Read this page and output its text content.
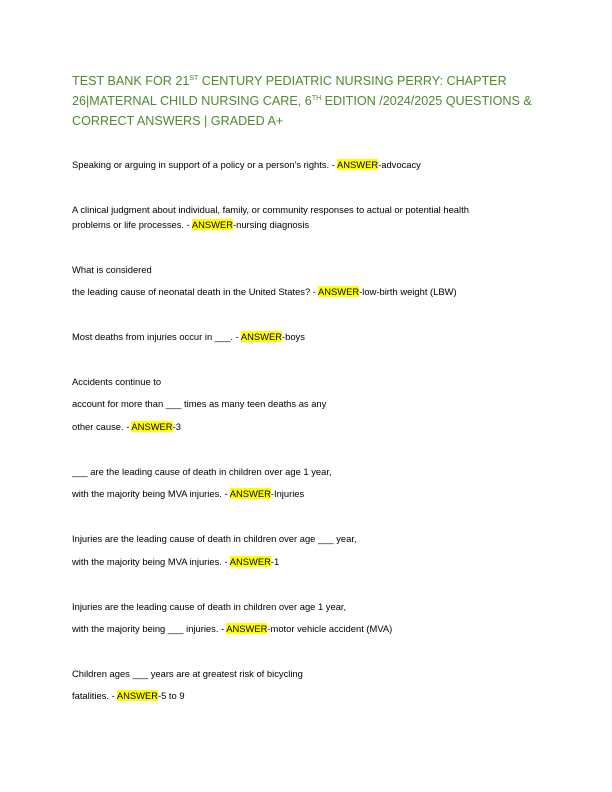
TEST BANK FOR 21ST CENTURY PEDIATRIC NURSING PERRY: CHAPTER 26|MATERNAL CHILD NURSING CARE, 6TH EDITION /2024/2025 QUESTIONS & CORRECT ANSWERS | GRADED A+
Speaking or arguing in support of a policy or a person's rights. - ANSWER-advocacy
A clinical judgment about individual, family, or community responses to actual or potential health
problems or life processes. - ANSWER-nursing diagnosis
What is considered
the leading cause of neonatal death in the United States? - ANSWER-low-birth weight (LBW)
Most deaths from injuries occur in ___. - ANSWER-boys
Accidents continue to
account for more than ___ times as many teen deaths as any
other cause. - ANSWER-3
___ are the leading cause of death in children over age 1 year,
with the majority being MVA injuries. - ANSWER-Injuries
Injuries are the leading cause of death in children over age ___ year,
with the majority being MVA injuries. - ANSWER-1
Injuries are the leading cause of death in children over age 1 year,
with the majority being ___ injuries. - ANSWER-motor vehicle accident (MVA)
Children ages ___ years are at greatest risk of bicycling
fatalities. - ANSWER-5 to 9
